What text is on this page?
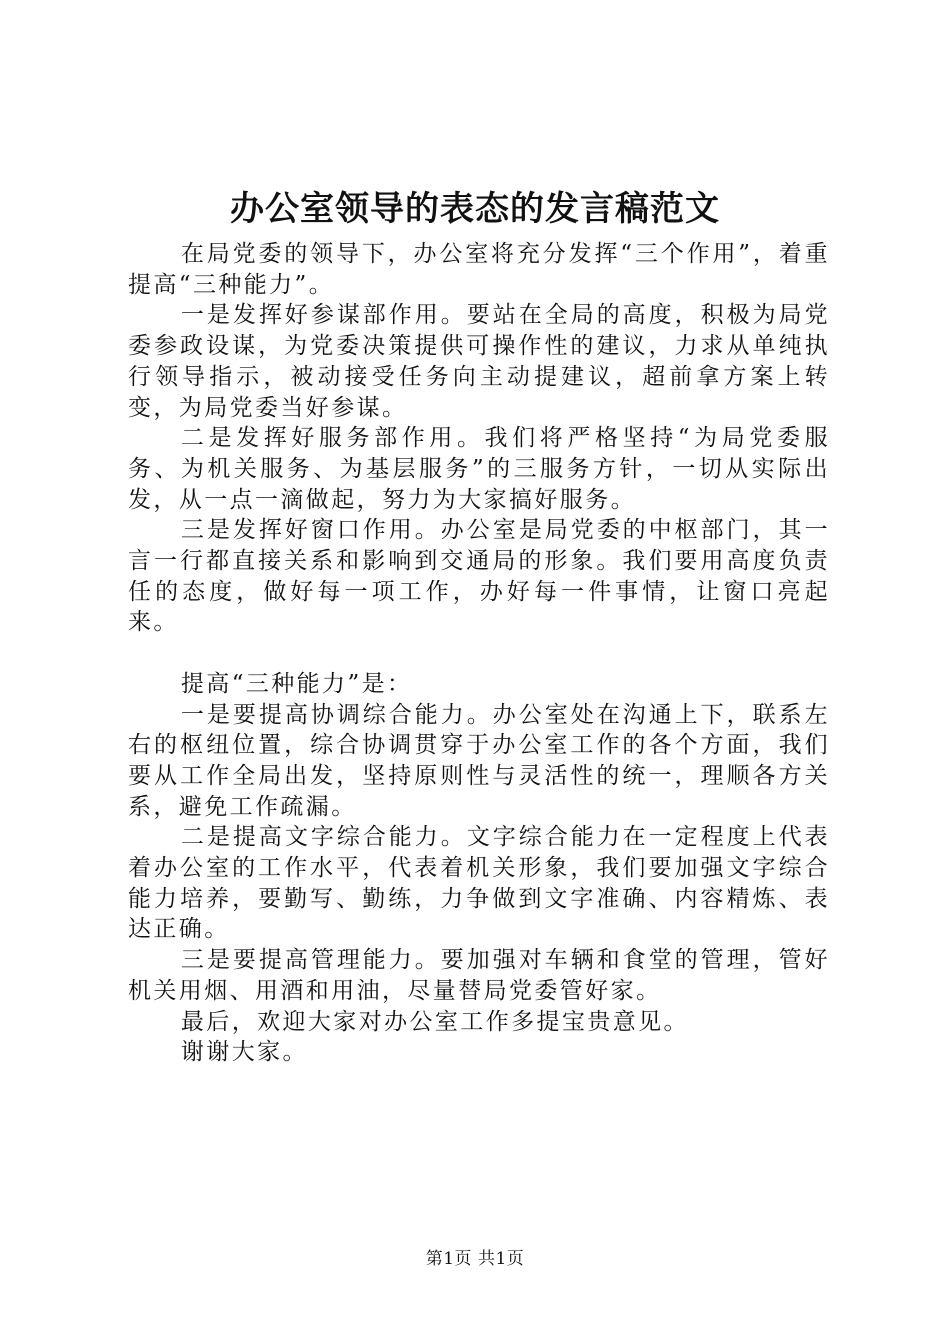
办公室领导的表态的发言稿范文

在局党委的领导下，办公室将充分发挥“三个作用”，着重提高“三种能力”。

一是发挥好参谋部作用。要站在全局的高度，积极为局党委参政设谋，为党委决策提供可操作性的建议，力求从单纯执行领导指示，被动接受任务向主动提建议，超前拿方案上转变，为局党委当好参谋。

二是发挥好服务部作用。我们将严格坚持“为局党委服务、为机关服务、为基层服务”的三服务方针，一切从实际出发，从一点一滴做起，努力为大家搞好服务。

三是发挥好窗口作用。办公室是局党委的中枢部门，其一言一行都直接关系和影响到交通局的形象。我们要用高度负责任的态度，做好每一项工作，办好每一件事情，让窗口亮起来。

提高“三种能力”是：

一是要提高协调综合能力。办公室处在沟通上下，联系左右的枢纽位置，综合协调贯穿于办公室工作的各个方面，我们要从工作全局出发，坚持原则性与灵活性的统一，理顺各方关系，避免工作疏漏。

二是提高文字综合能力。文字综合能力在一定程度上代表着办公室的工作水平，代表着机关形象，我们要加强文字综合能力培养，要勤写、勤练，力争做到文字准确、内容精炼、表达正确。

三是要提高管理能力。要加强对车辆和食堂的管理，管好机关用烟、用酒和用油，尽量替局党委管好家。

最后，欢迎大家对办公室工作多提宝贵意见。

谢谢大家。

第1页 共1页
